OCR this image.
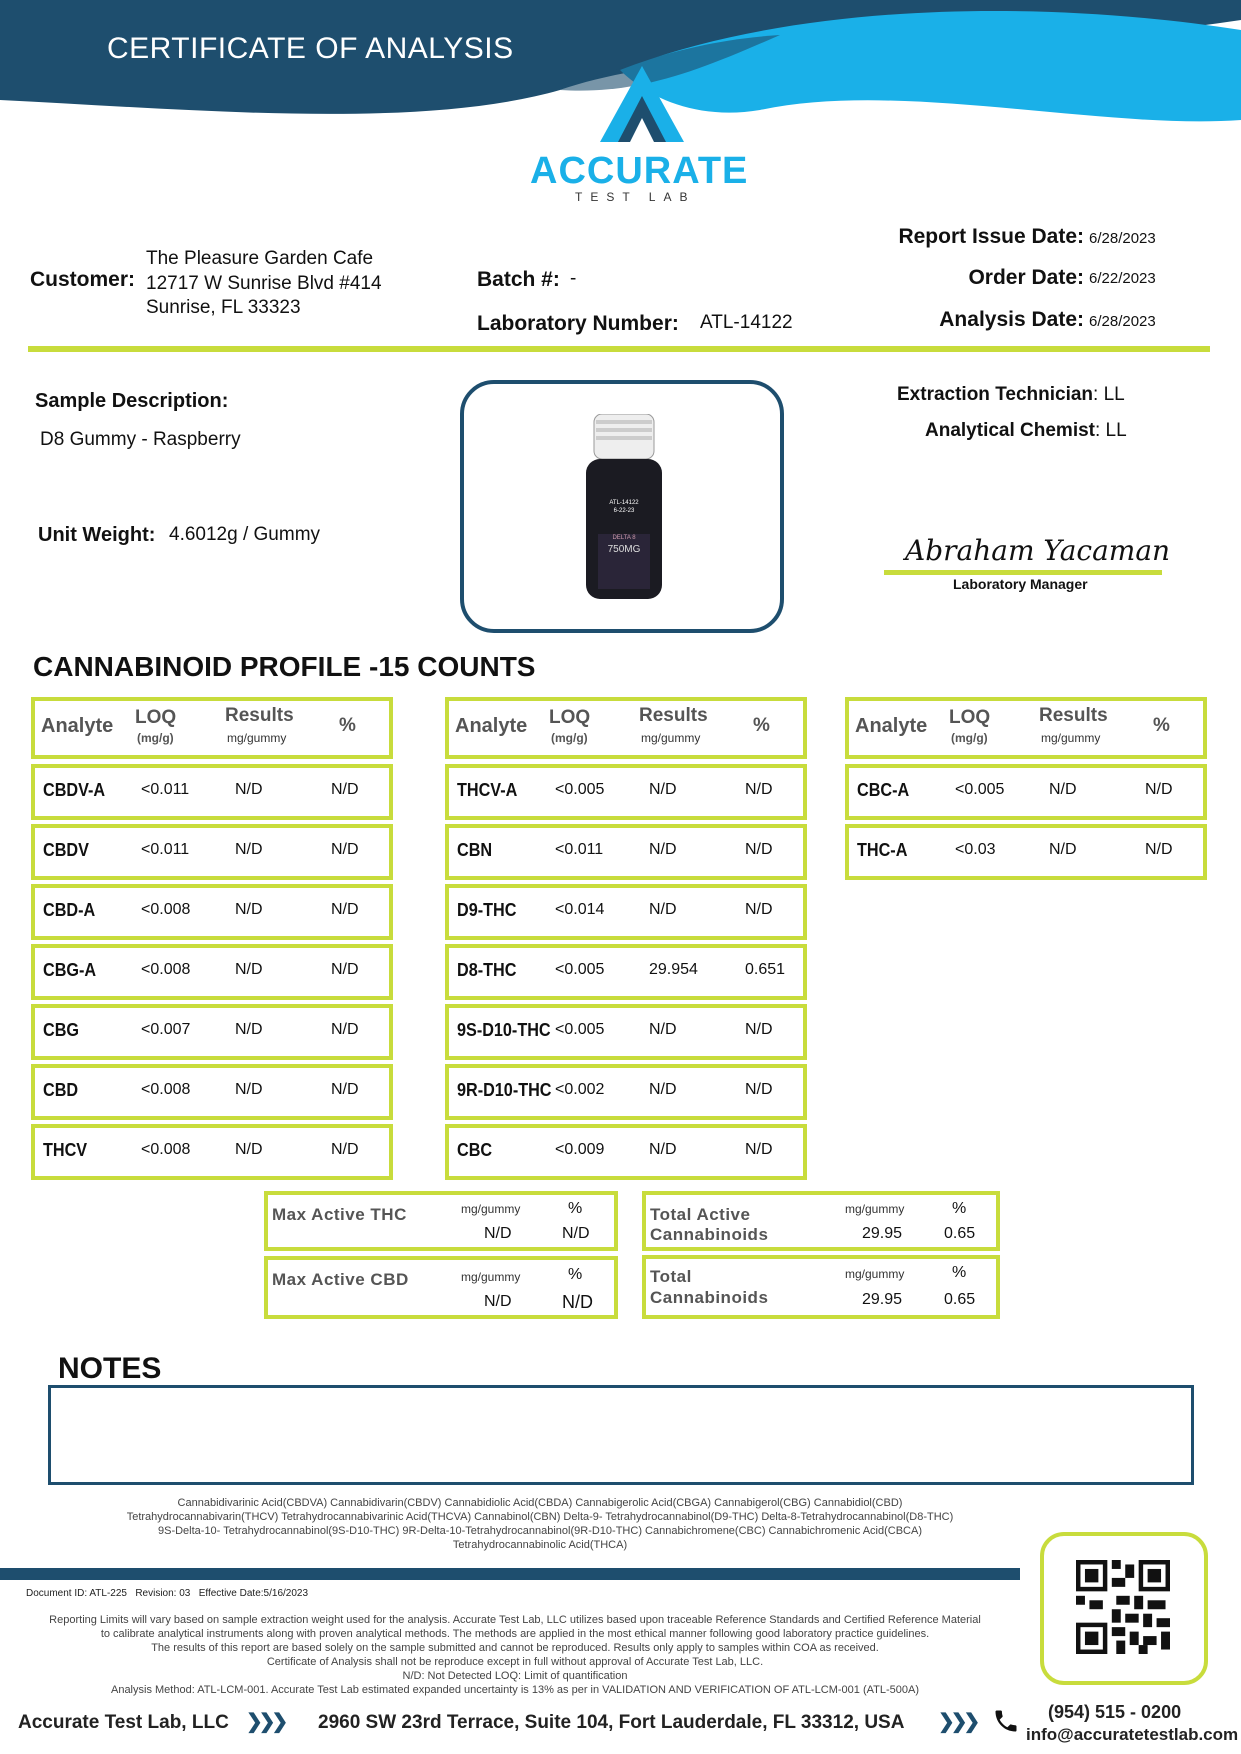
CERTIFICATE OF ANALYSIS
ACCURATE
TEST LAB
Customer:
The Pleasure Garden Cafe
12717 W Sunrise Blvd #414
Sunrise, FL 33323
Batch #: -
Laboratory Number: ATL-14122
Report Issue Date: 6/28/2023
Order Date: 6/22/2023
Analysis Date: 6/28/2023
Sample Description:
D8 Gummy - Raspberry
Unit Weight: 4.6012g / Gummy
ATL-14122
6-22-23
DELTA 8
750MG
Extraction Technician: LL
Analytical Chemist: LL
Abraham Yacaman
Laboratory Manager
CANNABINOID PROFILE -15 COUNTS
Analyte LOQ
(mg/g)
Results
mg/gummy
%
CBDV-A <0.011	N/D	N/D
CBDV	<0.011	N/D	N/D
CBD-A	<0.008	N/D	N/D
CBG-A	<0.008	N/D	N/D
CBG	<0.007	N/D	N/D
CBD	<0.008	N/D	N/D
THCV	<0.008	N/D	N/D
Analyte LOQ
(mg/g)
Results
mg/gummy
%
THCV-A <0.005	N/D	N/D
CBN	<0.011	N/D	N/D
D9-THC <0.014	N/D	N/D
D8-THC <0.005	29.954	0.651
9S-D10-THC <0.005	N/D	N/D
9R-D10-THC <0.002	N/D	N/D
CBC	<0.009	N/D	N/D
Analyte LOQ
(mg/g)
Results
mg/gummy
%
CBC-A	<0.005	N/D	N/D
THC-A	<0.03	N/D	N/D
Max Active THC	mg/gummy	%
N/D	N/D
Max Active CBD	mg/gummy	%
N/D	N/D
Total Active
Cannabinoids
mg/gummy	%
29.95	0.65
Total
Cannabinoids
mg/gummy	%
29.95	0.65
NOTES
Cannabidivarinic Acid(CBDVA) Cannabidivarin(CBDV) Cannabidiolic Acid(CBDA) Cannabigerolic Acid(CBGA) Cannabigerol(CBG) Cannabidiol(CBD)
Tetrahydrocannabivarin(THCV) Tetrahydrocannabivarinic Acid(THCVA) Cannabinol(CBN) Delta-9- Tetrahydrocannabinol(D9-THC) Delta-8-Tetrahydrocannabinol(D8-THC)
9S-Delta-10- Tetrahydrocannabinol(9S-D10-THC) 9R-Delta-10-Tetrahydrocannabinol(9R-D10-THC) Cannabichromene(CBC) Cannabichromenic Acid(CBCA)
Tetrahydrocannabinolic Acid(THCA)
Document ID: ATL-225 Revision: 03 Effective Date:5/16/2023
Reporting Limits will vary based on sample extraction weight used for the analysis. Accurate Test Lab, LLC utilizes based upon traceable Reference Standards and Certified Reference Material
to calibrate analytical instruments along with proven analytical methods. The methods are applied in the most ethical manner following good laboratory practice guidelines.
The results of this report are based solely on the sample submitted and cannot be reproduced. Results only apply to samples within COA as received.
Certificate of Analysis shall not be reproduce except in full without approval of Accurate Test Lab, LLC.
N/D: Not Detected LOQ: Limit of quantification
Analysis Method: ATL-LCM-001. Accurate Test Lab estimated expanded uncertainty is 13% as per in VALIDATION AND VERIFICATION OF ATL-LCM-001 (ATL-500A)
Accurate Test Lab, LLC ❯❯❯ 2960 SW 23rd Terrace, Suite 104, Fort Lauderdale, FL 33312, USA ❯❯❯	(954) 515 - 0200
info@accuratetestlab.com
